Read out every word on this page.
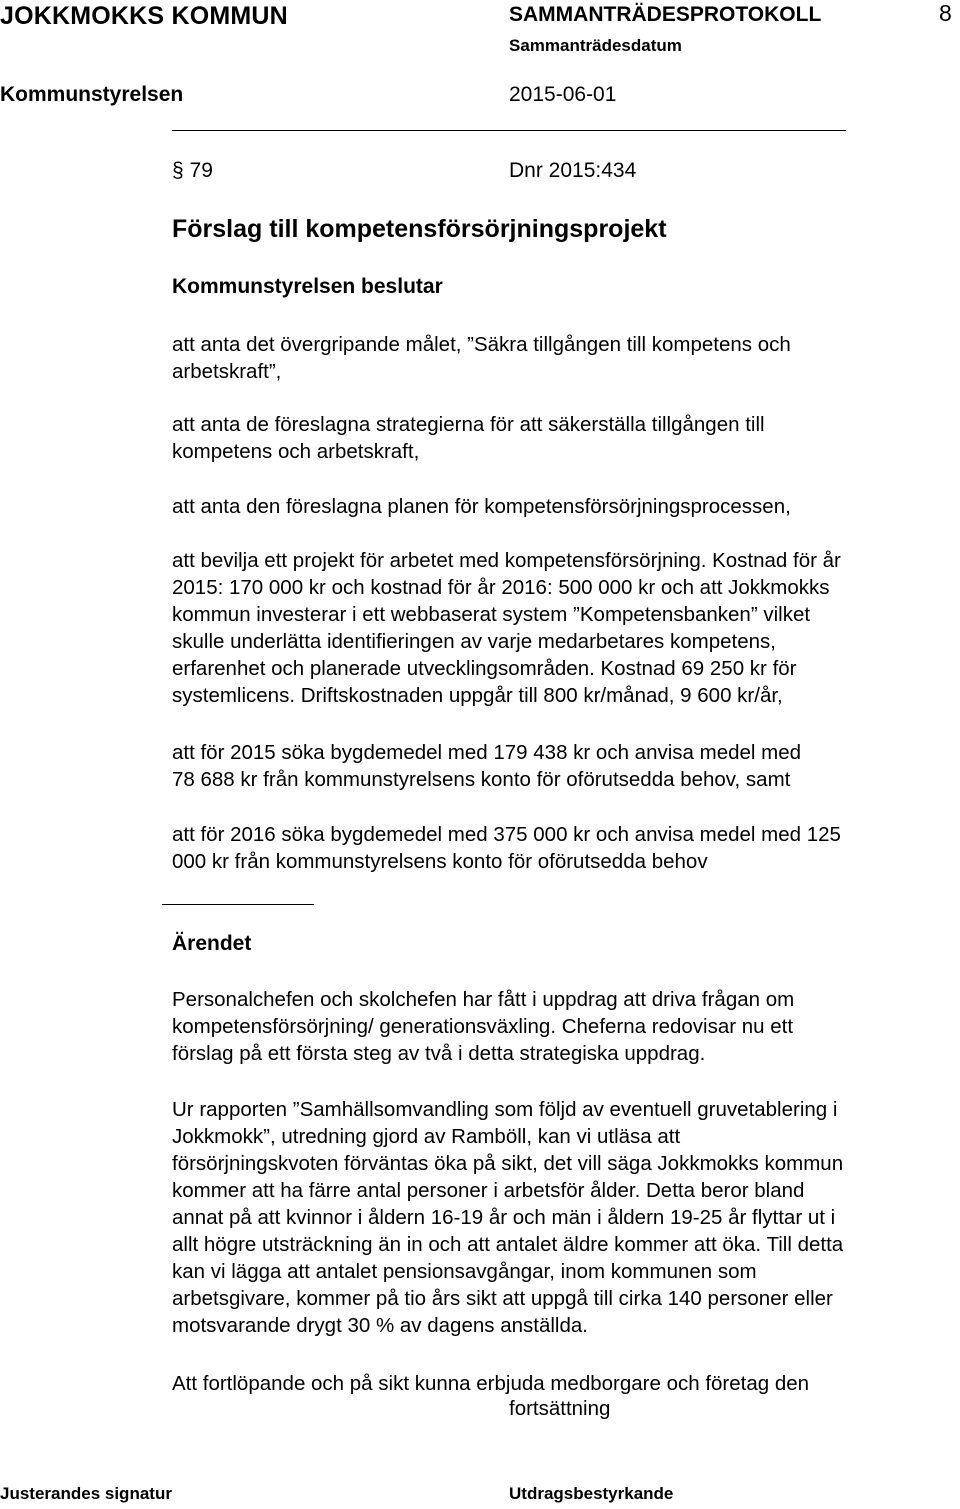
JOKKMOKKS KOMMUN	SAMMANTRÄDESPROTOKOLL	8
Sammanträdesdatum
Kommunstyrelsen	2015-06-01
§ 79	Dnr 2015:434
Förslag till kompetensförsörjningsprojekt
Kommunstyrelsen beslutar
att anta det övergripande målet, ”Säkra tillgången till kompetens och
arbetskraft”,
att anta de föreslagna strategierna för att säkerställa tillgången till
kompetens och arbetskraft,
att anta den föreslagna planen för kompetensförsörjningsprocessen,
att bevilja ett projekt för arbetet med kompetensförsörjning. Kostnad för år
2015: 170 000 kr och kostnad för år 2016: 500 000 kr och att Jokkmokks
kommun investerar i ett webbaserat system ”Kompetensbanken” vilket
skulle underlätta identifieringen av varje medarbetares kompetens,
erfarenhet och planerade utvecklingsområden. Kostnad 69 250 kr för
systemlicens. Driftskostnaden uppgår till 800 kr/månad, 9 600 kr/år,
att för 2015 söka bygdemedel med 179 438 kr och anvisa medel med
78 688 kr från kommunstyrelsens konto för oförutsedda behov, samt
att för 2016 söka bygdemedel med 375 000 kr och anvisa medel med 125
000 kr från kommunstyrelsens konto för oförutsedda behov
Ärendet
Personalchefen och skolchefen har fått i uppdrag att driva frågan om
kompetensförsörjning/ generationsväxling. Cheferna redovisar nu ett
förslag på ett första steg av två i detta strategiska uppdrag.
Ur rapporten ”Samhällsomvandling som följd av eventuell gruvetablering i
Jokkmokk”, utredning gjord av Ramböll, kan vi utläsa att
försörjningskvoten förväntas öka på sikt, det vill säga Jokkmokks kommun
kommer att ha färre antal personer i arbetsför ålder. Detta beror bland
annat på att kvinnor i åldern 16-19 år och män i åldern 19-25 år flyttar ut i
allt högre utsträckning än in och att antalet äldre kommer att öka. Till detta
kan vi lägga att antalet pensionsavgångar, inom kommunen som
arbetsgivare, kommer på tio års sikt att uppgå till cirka 140 personer eller
motsvarande drygt 30 % av dagens anställda.
Att fortlöpande och på sikt kunna erbjuda medborgare och företag den
fortsättning
Justerandes signatur	Utdragsbestyrkande
